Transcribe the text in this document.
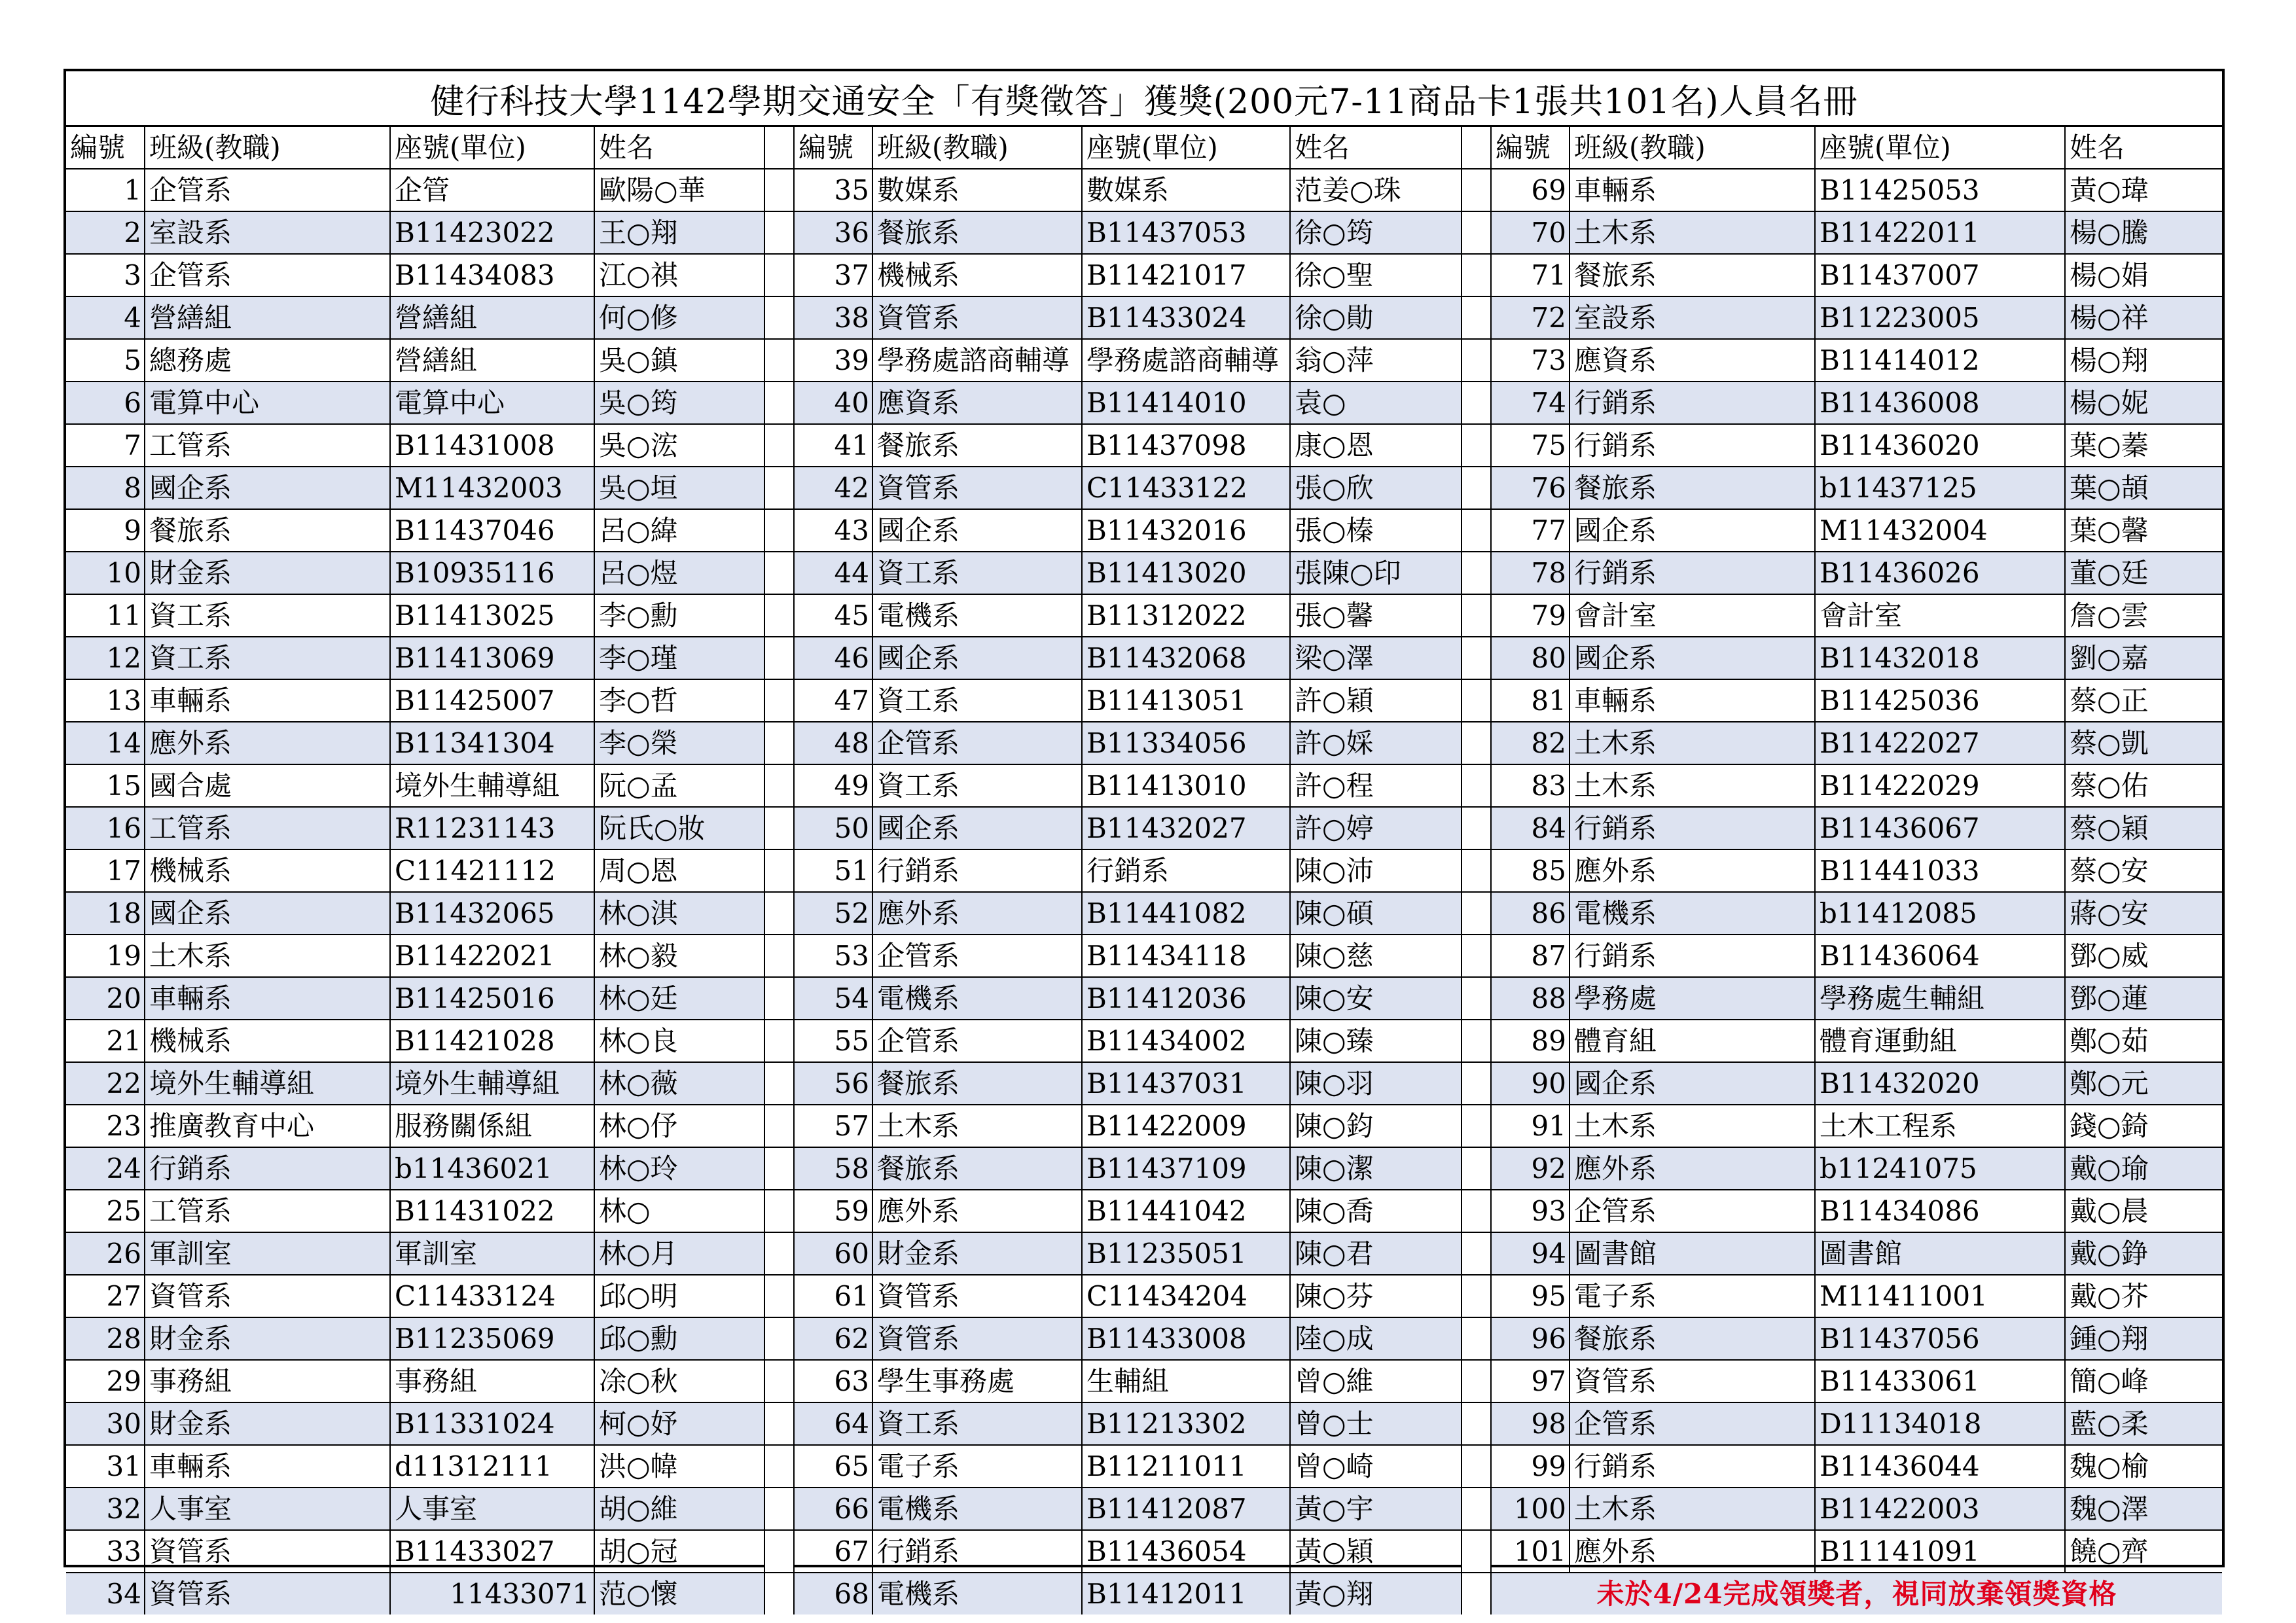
健行科技大學1142學期交通安全「有獎徵答」獲獎(200元7-11商品卡1張共101名)人員名冊
編號	班級(教職)	座號(單位)	姓名		編號	班級(教職)	座號(單位)	姓名		編號	班級(教職)	座號(單位)	姓名
1	企管系	企管	歐陽○華		35	數媒系	數媒系	范姜○珠		69	車輛系	B11425053	黃○瑋
2	室設系	B11423022	王○翔		36	餐旅系	B11437053	徐○筠		70	土木系	B11422011	楊○騰
3	企管系	B11434083	江○祺		37	機械系	B11421017	徐○聖		71	餐旅系	B11437007	楊○娟
4	營繕組	營繕組	何○修		38	資管系	B11433024	徐○勛		72	室設系	B11223005	楊○祥
5	總務處	營繕組	吳○鎮		39	學務處諮商輔導	學務處諮商輔導	翁○萍		73	應資系	B11414012	楊○翔
6	電算中心	電算中心	吳○筠		40	應資系	B11414010	袁○		74	行銷系	B11436008	楊○妮
7	工管系	B11431008	吳○浤		41	餐旅系	B11437098	康○恩		75	行銷系	B11436020	葉○蓁
8	國企系	M11432003	吳○垣		42	資管系	C11433122	張○欣		76	餐旅系	b11437125	葉○頡
9	餐旅系	B11437046	呂○緯		43	國企系	B11432016	張○榛		77	國企系	M11432004	葉○馨
10	財金系	B10935116	呂○煜		44	資工系	B11413020	張陳○印		78	行銷系	B11436026	董○廷
11	資工系	B11413025	李○勳		45	電機系	B11312022	張○馨		79	會計室	會計室	詹○雲
12	資工系	B11413069	李○瑾		46	國企系	B11432068	梁○澤		80	國企系	B11432018	劉○嘉
13	車輛系	B11425007	李○哲		47	資工系	B11413051	許○穎		81	車輛系	B11425036	蔡○正
14	應外系	B11341304	李○榮		48	企管系	B11334056	許○婇		82	土木系	B11422027	蔡○凱
15	國合處	境外生輔導組	阮○孟		49	資工系	B11413010	許○程		83	土木系	B11422029	蔡○佑
16	工管系	R11231143	阮氏○妝		50	國企系	B11432027	許○婷		84	行銷系	B11436067	蔡○穎
17	機械系	C11421112	周○恩		51	行銷系	行銷系	陳○沛		85	應外系	B11441033	蔡○安
18	國企系	B11432065	林○淇		52	應外系	B11441082	陳○碩		86	電機系	b11412085	蔣○安
19	土木系	B11422021	林○毅		53	企管系	B11434118	陳○慈		87	行銷系	B11436064	鄧○威
20	車輛系	B11425016	林○廷		54	電機系	B11412036	陳○安		88	學務處	學務處生輔組	鄧○蓮
21	機械系	B11421028	林○良		55	企管系	B11434002	陳○臻		89	體育組	體育運動組	鄭○茹
22	境外生輔導組	境外生輔導組	林○薇		56	餐旅系	B11437031	陳○羽		90	國企系	B11432020	鄭○元
23	推廣教育中心	服務關係組	林○伃		57	土木系	B11422009	陳○鈞		91	土木系	土木工程系	錢○錡
24	行銷系	b11436021	林○玲		58	餐旅系	B11437109	陳○潔		92	應外系	b11241075	戴○瑜
25	工管系	B11431022	林○		59	應外系	B11441042	陳○喬		93	企管系	B11434086	戴○晨
26	軍訓室	軍訓室	林○月		60	財金系	B11235051	陳○君		94	圖書館	圖書館	戴○錚
27	資管系	C11433124	邱○明		61	資管系	C11434204	陳○芬		95	電子系	M11411001	戴○芥
28	財金系	B11235069	邱○勳		62	資管系	B11433008	陸○成		96	餐旅系	B11437056	鍾○翔
29	事務組	事務組	凃○秋		63	學生事務處	生輔組	曾○維		97	資管系	B11433061	簡○峰
30	財金系	B11331024	柯○妤		64	資工系	B11213302	曾○士		98	企管系	D11134018	藍○柔
31	車輛系	d11312111	洪○幃		65	電子系	B11211011	曾○崎		99	行銷系	B11436044	魏○榆
32	人事室	人事室	胡○維		66	電機系	B11412087	黃○宇		100	土木系	B11422003	魏○澤
33	資管系	B11433027	胡○冠		67	行銷系	B11436054	黃○穎		101	應外系	B11141091	饒○齊
34	資管系	11433071	范○懷		68	電機系	B11412011	黃○翔		未於4/24完成領獎者，視同放棄領獎資格			
